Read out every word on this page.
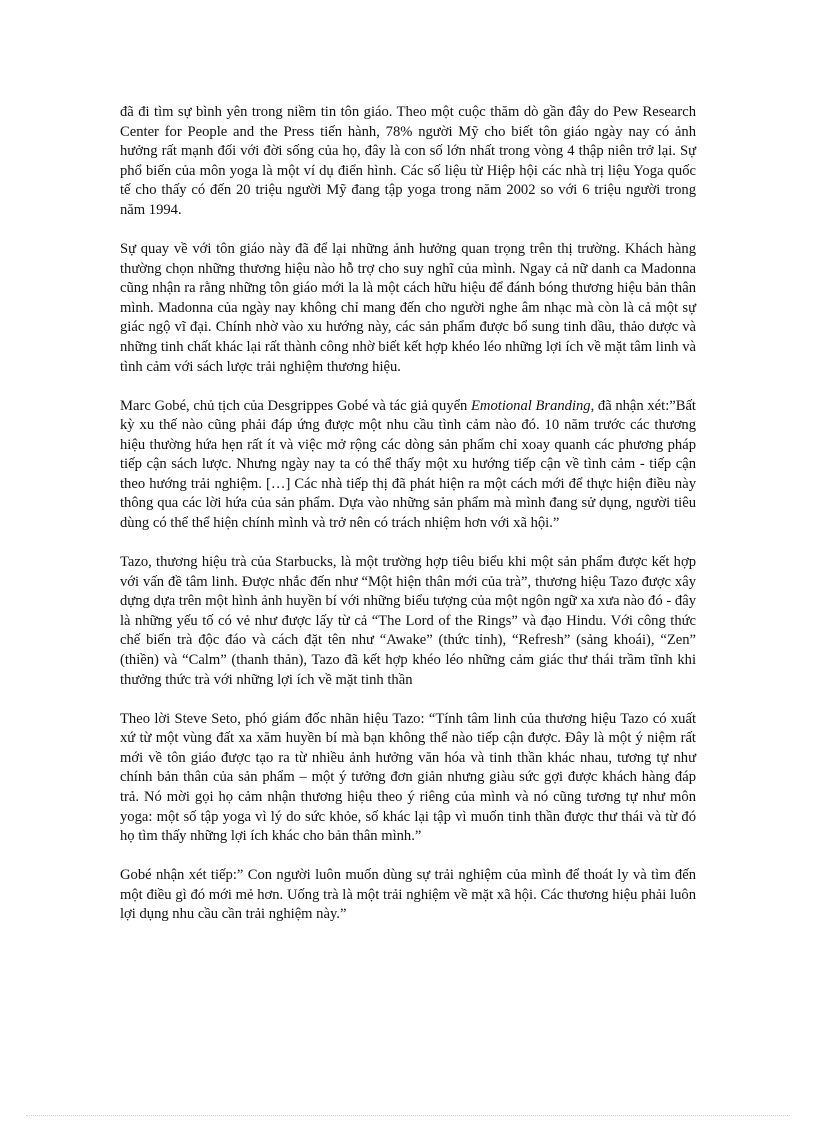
đã đi tìm sự bình yên trong niềm tin tôn giáo. Theo một cuộc thăm dò gần đây do Pew Research Center for People and the Press tiến hành, 78% người Mỹ cho biết tôn giáo ngày nay có ảnh hưởng rất mạnh đối với đời sống của họ, đây là con số lớn nhất trong vòng 4 thập niên trở lại. Sự phổ biến của môn yoga là một ví dụ điển hình. Các số liệu từ Hiệp hội các nhà trị liệu Yoga quốc tế cho thấy có đến 20 triệu người Mỹ đang tập yoga trong năm 2002 so với 6 triệu người trong năm 1994.

Sự quay về với tôn giáo này đã để lại những ảnh hưởng quan trọng trên thị trường. Khách hàng thường chọn những thương hiệu nào hỗ trợ cho suy nghĩ của mình. Ngay cả nữ danh ca Madonna cũng nhận ra rằng những tôn giáo mới la là một cách hữu hiệu để đánh bóng thương hiệu bản thân mình. Madonna của ngày nay không chỉ mang đến cho người nghe âm nhạc mà còn là cả một sự giác ngộ vĩ đại. Chính nhờ vào xu hướng này, các sản phẩm được bổ sung tinh dầu, thảo dược và những tinh chất khác lại rất thành công nhờ biết kết hợp khéo léo những lợi ích về mặt tâm linh và tình cảm với sách lược trải nghiệm thương hiệu.

Marc Gobé, chủ tịch của Desgrippes Gobé và tác giả quyển Emotional Branding, đã nhận xét:”Bất kỳ xu thế nào cũng phải đáp ứng được một nhu cầu tình cảm nào đó. 10 năm trước các thương hiệu thường hứa hẹn rất ít và việc mở rộng các dòng sản phẩm chỉ xoay quanh các phương pháp tiếp cận sách lược. Nhưng ngày nay ta có thể thấy một xu hướng tiếp cận về tình cảm - tiếp cận theo hướng trải nghiệm. […] Các nhà tiếp thị đã phát hiện ra một cách mới để thực hiện điều này thông qua các lời hứa của sản phẩm. Dựa vào những sản phẩm mà mình đang sử dụng, người tiêu dùng có thể thể hiện chính mình và trở nên có trách nhiệm hơn với xã hội.”

Tazo, thương hiệu trà của Starbucks, là một trường hợp tiêu biểu khi một sản phẩm được kết hợp với vấn đề tâm linh. Được nhắc đến như “Một hiện thân mới của trà”, thương hiệu Tazo được xây dựng dựa trên một hình ảnh huyền bí với những biểu tượng của một ngôn ngữ xa xưa nào đó - đây là những yếu tố có vẻ như được lấy từ cả “The Lord of the Rings” và đạo Hindu. Với công thức chế biến trà độc đáo và cách đặt tên như “Awake” (thức tỉnh), “Refresh” (sảng khoái), “Zen” (thiền) và “Calm” (thanh thản), Tazo đã kết hợp khéo léo những cảm giác thư thái trầm tĩnh khi thưởng thức trà với những lợi ích về mặt tinh thần

Theo lời Steve Seto, phó giám đốc nhãn hiệu Tazo: “Tính tâm linh của thương hiệu Tazo có xuất xứ từ một vùng đất xa xăm huyền bí mà bạn không thể nào tiếp cận được. Đây là một ý niệm rất mới về tôn giáo được tạo ra từ nhiều ảnh hưởng văn hóa và tinh thần khác nhau, tương tự như chính bản thân của sản phẩm – một ý tưởng đơn giản nhưng giàu sức gợi được khách hàng đáp trả. Nó mời gọi họ cảm nhận thương hiệu theo ý riêng của mình và nó cũng tương tự như môn yoga: một số tập yoga vì lý do sức khỏe, số khác lại tập vì muốn tinh thần được thư thái và từ đó họ tìm thấy những lợi ích khác cho bản thân mình.”

Gobé nhận xét tiếp:” Con người luôn muốn dùng sự trải nghiệm của mình để thoát ly và tìm đến một điều gì đó mới mẻ hơn. Uống trà là một trải nghiệm về mặt xã hội. Các thương hiệu phải luôn lợi dụng nhu cầu cần trải nghiệm này.”
